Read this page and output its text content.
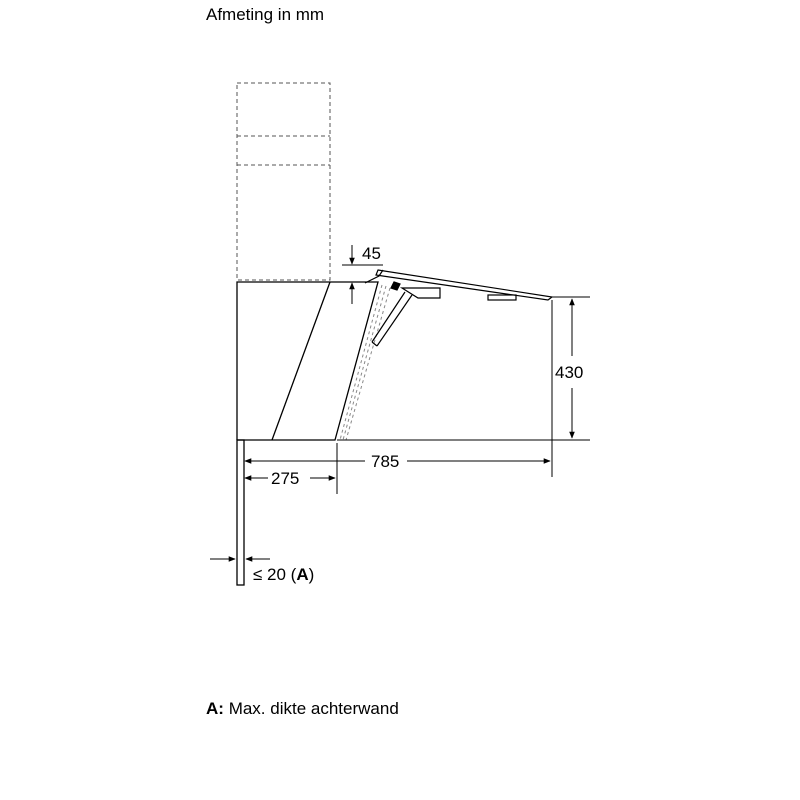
Afmeting in mm
45
430
785
275
≤ 20 (A)
A: Max. dikte achterwand
